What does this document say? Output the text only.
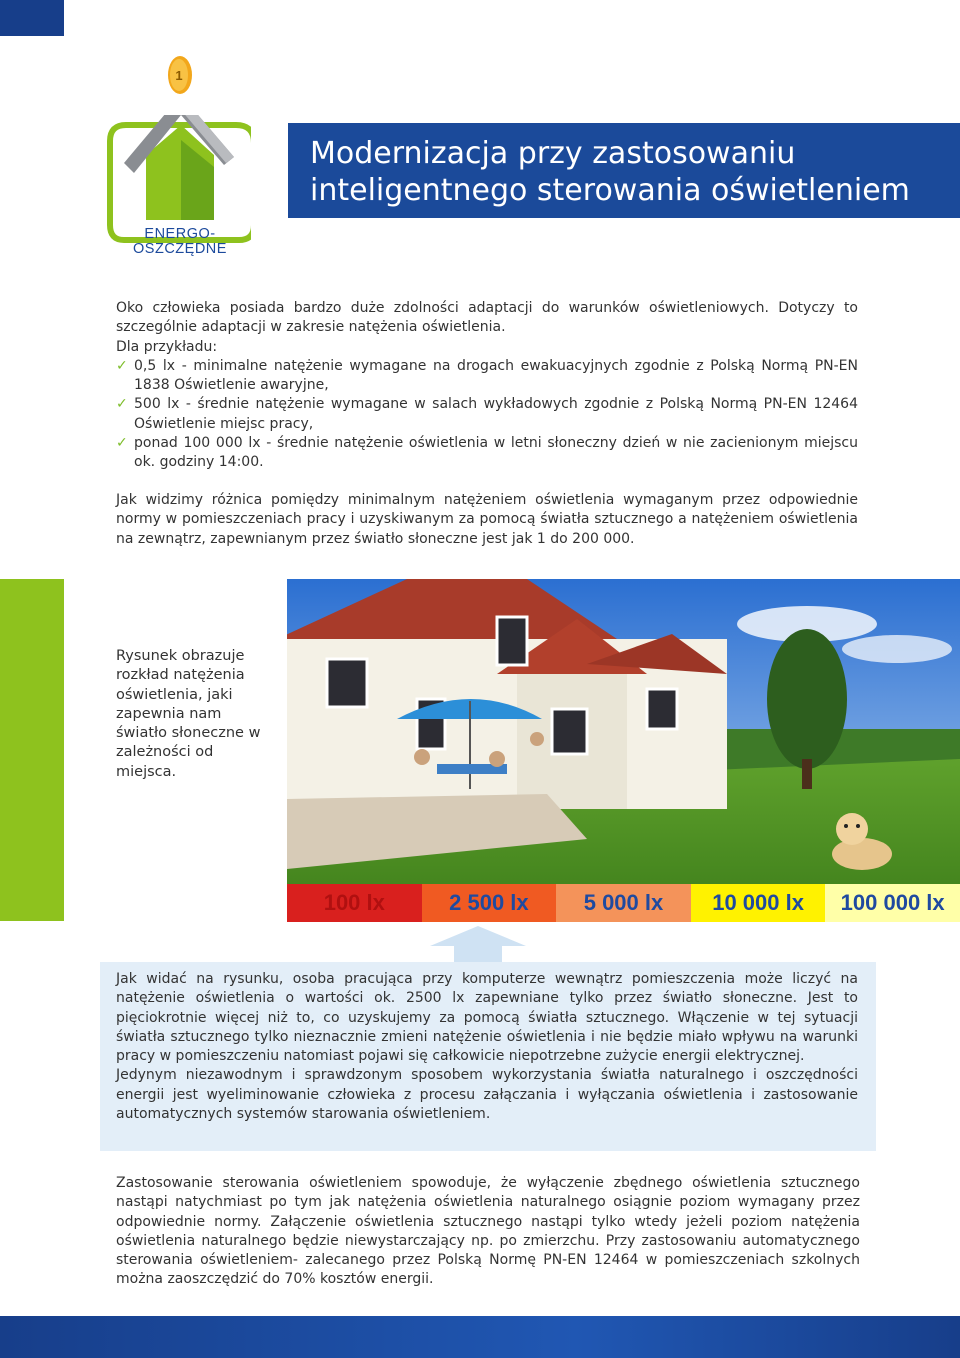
1
ENERGO-
OSZCZĘDNE
Modernizacja przy zastosowaniu
inteligentnego sterowania oświetleniem

Oko człowieka posiada bardzo duże zdolności adaptacji do warunków oświetleniowych. Dotyczy to szczególnie adaptacji w zakresie natężenia oświetlenia.

Dla przykładu:

✓ 0,5 lx - minimalne natężenie wymagane na drogach ewakuacyjnych zgodnie z Polską Normą PN-EN 1838 Oświetlenie awaryjne,
✓ 500 lx - średnie natężenie wymagane w salach wykładowych zgodnie z Polską Normą PN-EN 12464 Oświetlenie miejsc pracy,
✓ ponad 100 000 lx - średnie natężenie oświetlenia w letni słoneczny dzień w nie zacienionym miejscu ok. godziny 14:00.

Jak widzimy różnica pomiędzy minimalnym natężeniem oświetlenia wymaganym przez odpowiednie normy w pomieszczeniach pracy i uzyskiwanym za pomocą światła sztucznego a natężeniem oświetlenia na zewnątrz, zapewnianym przez światło słoneczne jest jak 1 do 200 000.

Rysunek obrazuje rozkład natężenia oświetlenia, jaki zapewnia nam światło słoneczne w zależności od miejsca.
100 lx	2 500 lx	5 000 lx 10 000 lx 100 000 lx

Jak widać na rysunku, osoba pracująca przy komputerze wewnątrz pomieszczenia może liczyć na natężenie oświetlenia o wartości ok. 2500 lx zapewniane tylko przez światło słoneczne. Jest to pięciokrotnie więcej niż to, co uzyskujemy za pomocą światła sztucznego. Włączenie w tej sytuacji światła sztucznego tylko nieznacznie zmieni natężenie oświetlenia i nie będzie miało wpływu na warunki pracy w pomieszczeniu natomiast pojawi się całkowicie niepotrzebne zużycie energii elektrycznej.

Jedynym niezawodnym i sprawdzonym sposobem wykorzystania światła naturalnego i oszczędności energii jest wyeliminowanie człowieka z procesu załączania i wyłączania oświetlenia i zastosowanie automatycznych systemów starowania oświetleniem.

Zastosowanie sterowania oświetleniem spowoduje, że wyłączenie zbędnego oświetlenia sztucznego nastąpi natychmiast po tym jak natężenia oświetlenia naturalnego osiągnie poziom wymagany przez odpowiednie normy. Załączenie oświetlenia sztucznego nastąpi tylko wtedy jeżeli poziom natężenia oświetlenia naturalnego będzie niewystarczający np. po zmierzchu. Przy zastosowaniu automatycznego sterowania oświetleniem- zalecanego przez Polską Normę PN-EN 12464 w pomieszczeniach szkolnych można zaoszczędzić do 70% kosztów energii.
